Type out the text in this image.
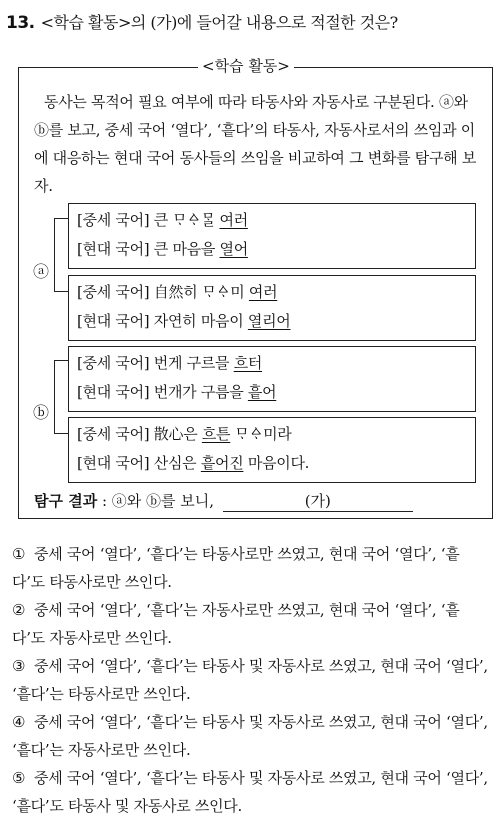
13. <학습 활동>의 (가)에 들어갈 내용으로 적절한 것은?
<학습 활동>

동사는 목적어 필요 여부에 따라 타동사와 자동사로 구분된다. ⓐ와 ⓑ를 보고, 중세 국어 ‘열다’, ‘흩다’의 타동사, 자동사로서의 쓰임과 이에 대응하는 현대 국어 동사들의 쓰임을 비교하여 그 변화를 탐구해 보자.

ⓐ
[중세 국어] 큰 ᄆᆞᅀᆞᄆᆞᆯ 여러
[현대 국어] 큰 마음을 열어
[중세 국어] 自然히 ᄆᆞᅀᆞ미 여러
[현대 국어] 자연히 마음이 열리어
ⓑ
[중세 국어] 번게 구르믈 흐터
[현대 국어] 번개가 구름을 흩어
[중세 국어] 散心은 흐튼 ᄆᆞᅀᆞ미라
[현대 국어] 산심은 흩어진 마음이다.
탐구 결과 : ⓐ와 ⓑ를 보니,	(가)
① 중세 국어 ‘열다’, ‘흩다’는 타동사로만 쓰였고, 현대 국어 ‘열다’, ‘흩다’도 타동사로만 쓰인다.
② 중세 국어 ‘열다’, ‘흩다’는 자동사로만 쓰였고, 현대 국어 ‘열다’, ‘흩다’도 자동사로만 쓰인다.
③ 중세 국어 ‘열다’, ‘흩다’는 타동사 및 자동사로 쓰였고, 현대 국어 ‘열다’, ‘흩다’는 타동사로만 쓰인다.
④ 중세 국어 ‘열다’, ‘흩다’는 타동사 및 자동사로 쓰였고, 현대 국어 ‘열다’, ‘흩다’는 자동사로만 쓰인다.
⑤ 중세 국어 ‘열다’, ‘흩다’는 타동사 및 자동사로 쓰였고, 현대 국어 ‘열다’, ‘흩다’도 타동사 및 자동사로 쓰인다.
